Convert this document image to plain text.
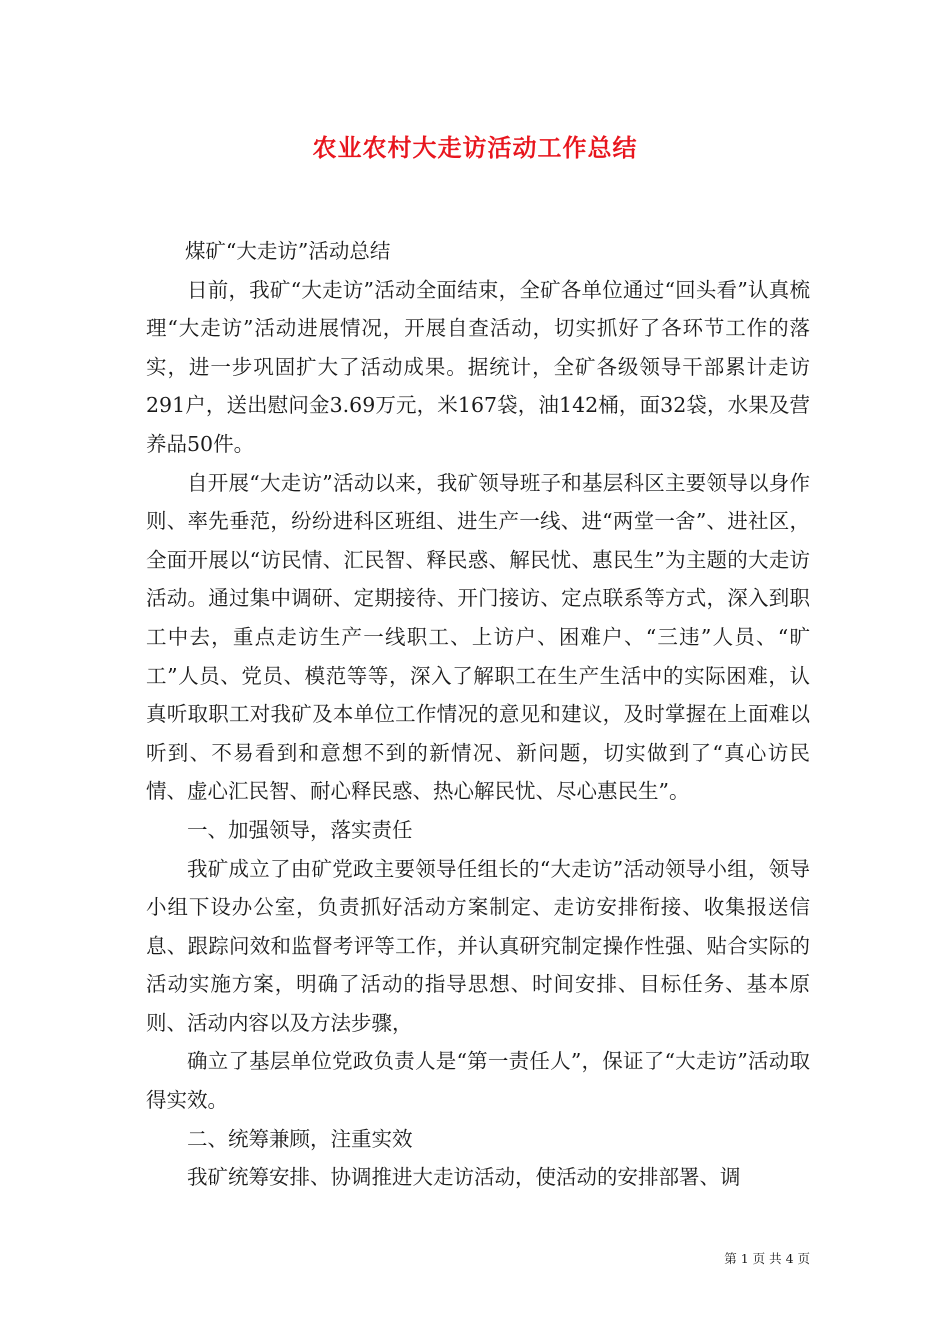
农业农村大走访活动工作总结

煤矿“大走访”活动总结

日前，我矿“大走访”活动全面结束，全矿各单位通过“回头看”认真梳理“大走访”活动进展情况，开展自查活动，切实抓好了各环节工作的落实，进一步巩固扩大了活动成果。据统计，全矿各级领导干部累计走访291户，送出慰问金3.69万元，米167袋，油142桶，面32袋，水果及营养品50件。

自开展“大走访”活动以来，我矿领导班子和基层科区主要领导以身作则、率先垂范，纷纷进科区班组、进生产一线、进“两堂一舍”、进社区，全面开展以“访民情、汇民智、释民惑、解民忧、惠民生”为主题的大走访活动。通过集中调研、定期接待、开门接访、定点联系等方式，深入到职工中去，重点走访生产一线职工、上访户、困难户、“三违”人员、“旷工”人员、党员、模范等等，深入了解职工在生产生活中的实际困难，认真听取职工对我矿及本单位工作情况的意见和建议，及时掌握在上面难以听到、不易看到和意想不到的新情况、新问题，切实做到了“真心访民情、虚心汇民智、耐心释民惑、热心解民忧、尽心惠民生”。

一、加强领导，落实责任

我矿成立了由矿党政主要领导任组长的“大走访”活动领导小组，领导小组下设办公室，负责抓好活动方案制定、走访安排衔接、收集报送信息、跟踪问效和监督考评等工作，并认真研究制定操作性强、贴合实际的活动实施方案，明确了活动的指导思想、时间安排、目标任务、基本原则、活动内容以及方法步骤，

确立了基层单位党政负责人是“第一责任人”，保证了“大走访”活动取得实效。

二、统筹兼顾，注重实效

我矿统筹安排、协调推进大走访活动，使活动的安排部署、调

第 1 页 共 4 页
